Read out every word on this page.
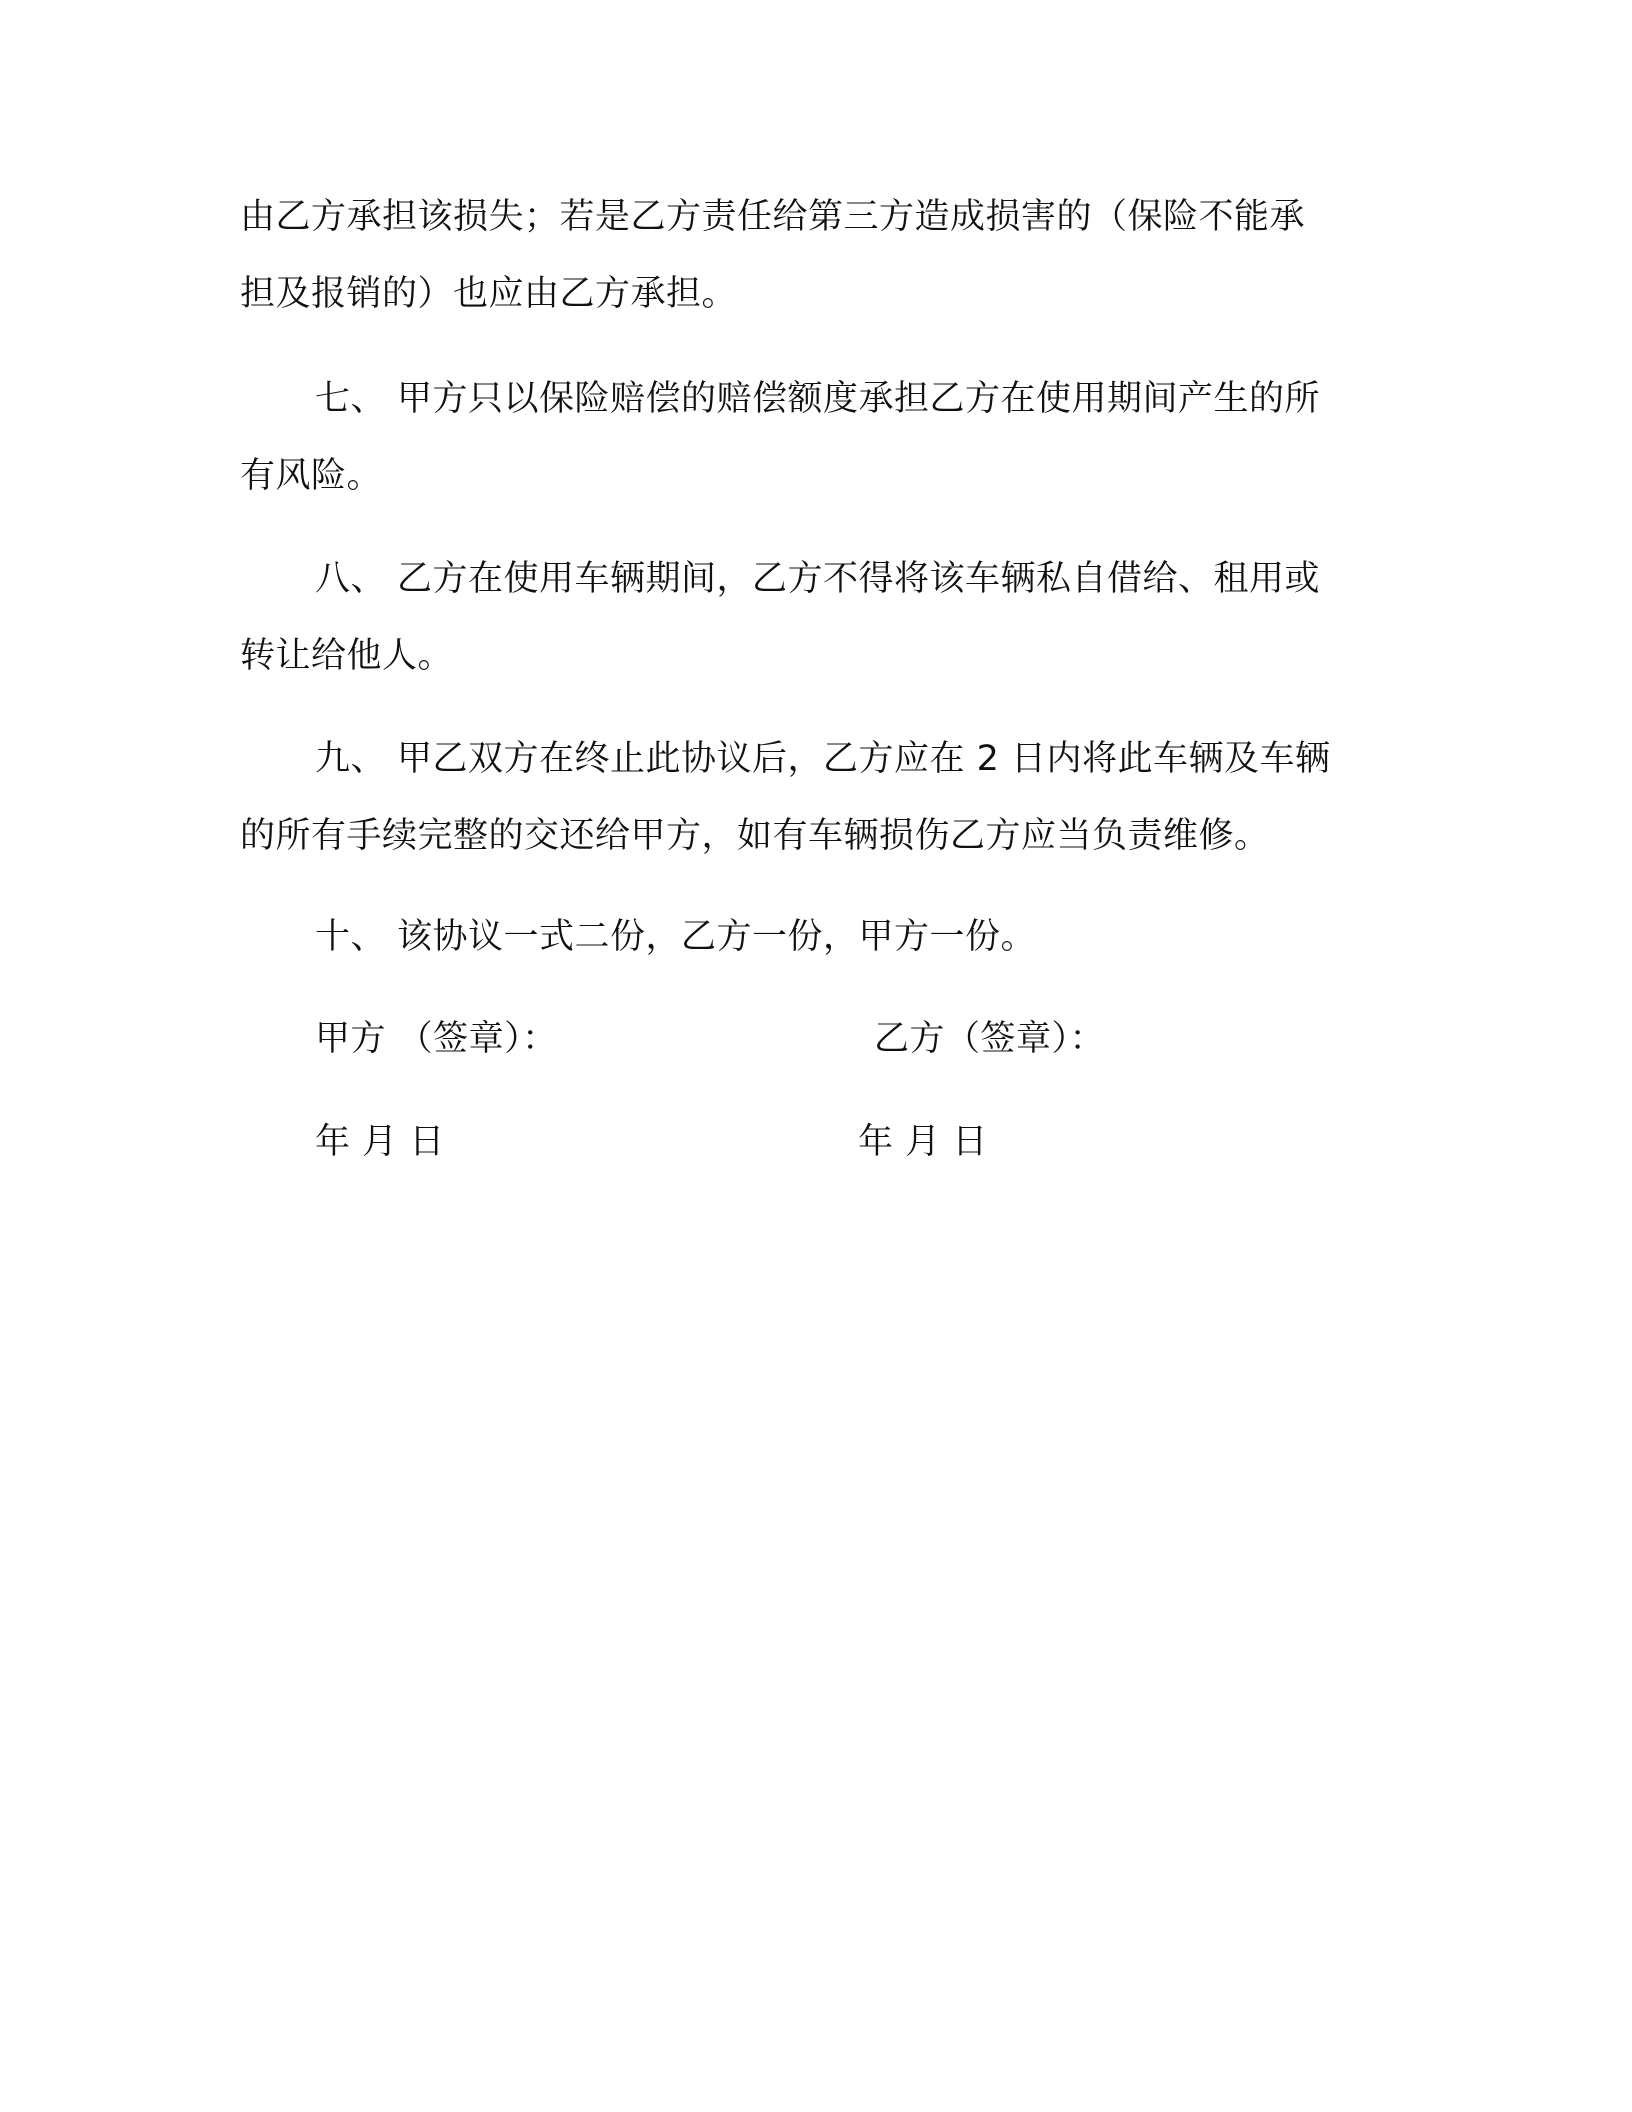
由乙方承担该损失；若是乙方责任给第三方造成损害的（保险不能承
担及报销的）也应由乙方承担。
七、 甲方只以保险赔偿的赔偿额度承担乙方在使用期间产生的所
有风险。
八、 乙方在使用车辆期间，乙方不得将该车辆私自借给、租用或
转让给他人。
九、 甲乙双方在终止此协议后，乙方应在 2 日内将此车辆及车辆
的所有手续完整的交还给甲方，如有车辆损伤乙方应当负责维修。
十、 该协议一式二份，乙方一份，甲方一份。
甲方 （签章）：	乙方（签章）：
年 月 日	年 月 日
